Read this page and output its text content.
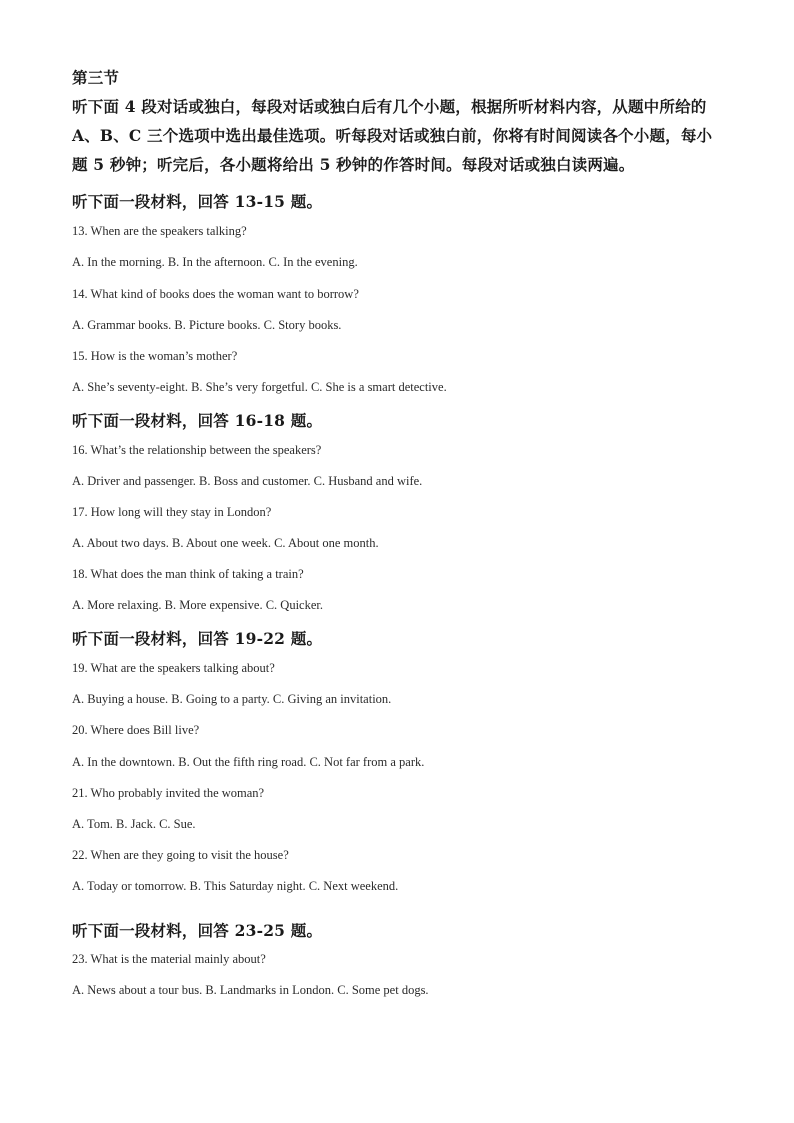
第三节
听下面 4 段对话或独白，每段对话或独白后有几个小题，根据所听材料内容，从题中所给的 A、B、C 三个选项中选出最佳选项。听每段对话或独白前，你将有时间阅读各个小题，每小题 5 秒钟；听完后，各小题将给出 5 秒钟的作答时间。每段对话或独白读两遍。
听下面一段材料，回答 13-15 题。
13. When are the speakers talking?
A. In the morning. B. In the afternoon. C. In the evening.
14. What kind of books does the woman want to borrow?
A. Grammar books. B. Picture books. C. Story books.
15. How is the woman’s mother?
A. She’s seventy-eight. B. She’s very forgetful. C. She is a smart detective.
听下面一段材料，回答 16-18 题。
16. What’s the relationship between the speakers?
A. Driver and passenger. B. Boss and customer. C. Husband and wife.
17. How long will they stay in London?
A. About two days. B. About one week. C. About one month.
18. What does the man think of taking a train?
A. More relaxing. B. More expensive. C. Quicker.
听下面一段材料，回答 19-22 题。
19. What are the speakers talking about?
A. Buying a house. B. Going to a party. C. Giving an invitation.
20. Where does Bill live?
A. In the downtown. B. Out the fifth ring road. C. Not far from a park.
21. Who probably invited the woman?
A. Tom. B. Jack. C. Sue.
22. When are they going to visit the house?
A. Today or tomorrow. B. This Saturday night. C. Next weekend.
听下面一段材料，回答 23-25 题。
23. What is the material mainly about?
A. News about a tour bus. B. Landmarks in London. C. Some pet dogs.
